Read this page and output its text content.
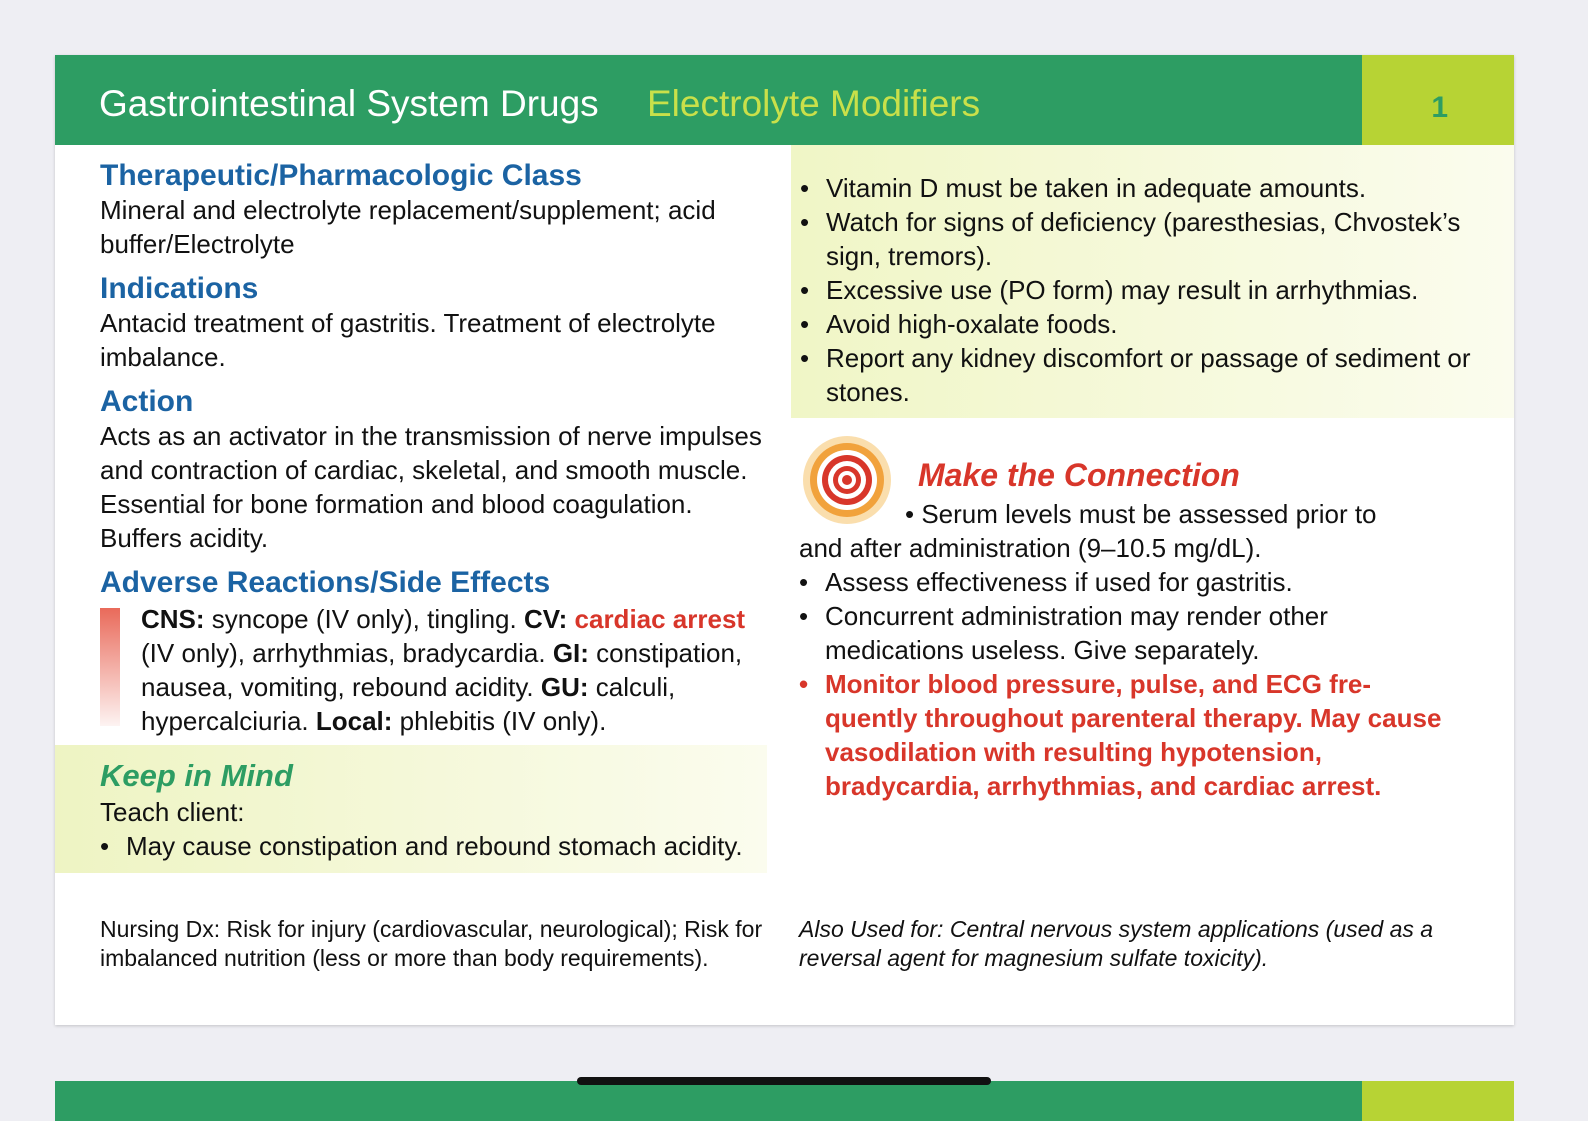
Gastrointestinal System Drugs Electrolyte Modifiers	1
Therapeutic/Pharmacologic Class
Mineral and electrolyte replacement/supplement; acid buffer/Electrolyte
Indications
Antacid treatment of gastritis. Treatment of electrolyte imbalance.
Action
Acts as an activator in the transmission of nerve impulses and contraction of cardiac, skeletal, and smooth muscle. Essential for bone formation and blood coagulation. Buffers acidity.
Adverse Reactions/Side Effects
CNS: syncope (IV only), tingling. CV: cardiac arrest (IV only), arrhythmias, bradycardia. GI: constipation, nausea, vomiting, rebound acidity. GU: calculi, hypercalciuria. Local: phlebitis (IV only).
Keep in Mind
Teach client:
• May cause constipation and rebound stomach acidity.
• Vitamin D must be taken in adequate amounts.
• Watch for signs of deficiency (paresthesias, Chvostek’s sign, tremors).
• Excessive use (PO form) may result in arrhythmias.
• Avoid high-oxalate foods.
• Report any kidney discomfort or passage of sediment or stones.
Make the Connection
• Serum levels must be assessed prior to
and after administration (9–10.5 mg/dL).
• Assess effectiveness if used for gastritis.
• Concurrent administration may render other medications useless. Give separately.
• Monitor blood pressure, pulse, and ECG frequently throughout parenteral therapy. May cause vasodilation with resulting hypotension, bradycardia, arrhythmias, and cardiac arrest.
Nursing Dx: Risk for injury (cardiovascular, neurological); Risk for imbalanced nutrition (less or more than body requirements).
Also Used for: Central nervous system applications (used as a reversal agent for magnesium sulfate toxicity).
